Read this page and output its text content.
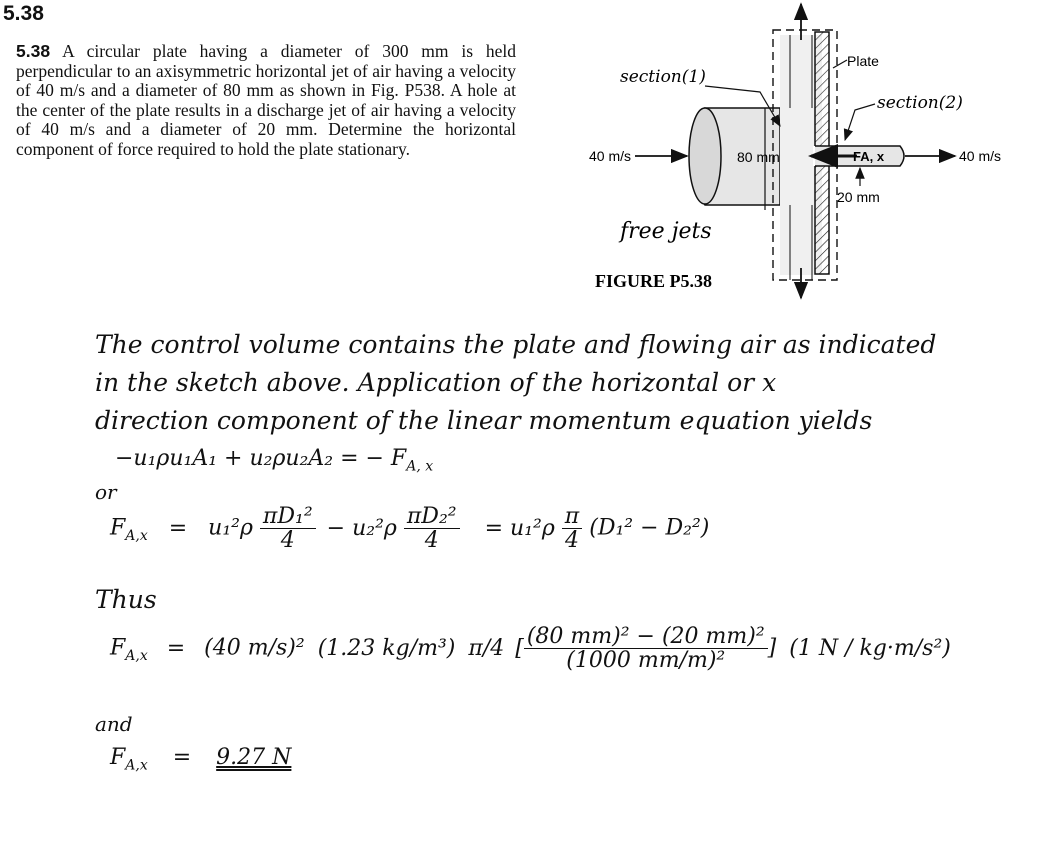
5.38
5.38 A circular plate having a diameter of 300 mm is held perpendicular to an axisymmetric horizontal jet of air having a velocity of 40 m/s and a diameter of 80 mm as shown in Fig. P538. A hole at the center of the plate results in a discharge jet of air having a velocity of 40 m/s and a diameter of 20 mm. Determine the horizontal component of force required to hold the plate stationary.
section(1)
section(2)
Plate
40 m/s	40 m/s
80 mm	FA, x
20 mm
free jets
FIGURE P5.38
The control volume contains the plate and flowing air as indicated
in the sketch above. Application of the horizontal or x
direction component of the linear momentum equation yields
−u₁ρu₁A₁ + u₂ρu₂A₂ = − $F_{A, x}$
or
$F_{A,x} = u_1^2\rho \frac{\text{πD₁²}}{4} - u_2^2\rho \frac{\text{πD₂²}}{4} = u_1^2\rho \frac{\pi}{4} (D_1^2 - D_2^2)$
Thus
$F_{A,x} = (40$ m/s)² (1.23 kg/m³) π/4 [ $\frac{\text{(80 mm)² − (20 mm)²}}{\text{(1000 mm/m)²}}$ ] (1 N / kg·m/s²)
and
$F_{A,x} = 9.27$ N
